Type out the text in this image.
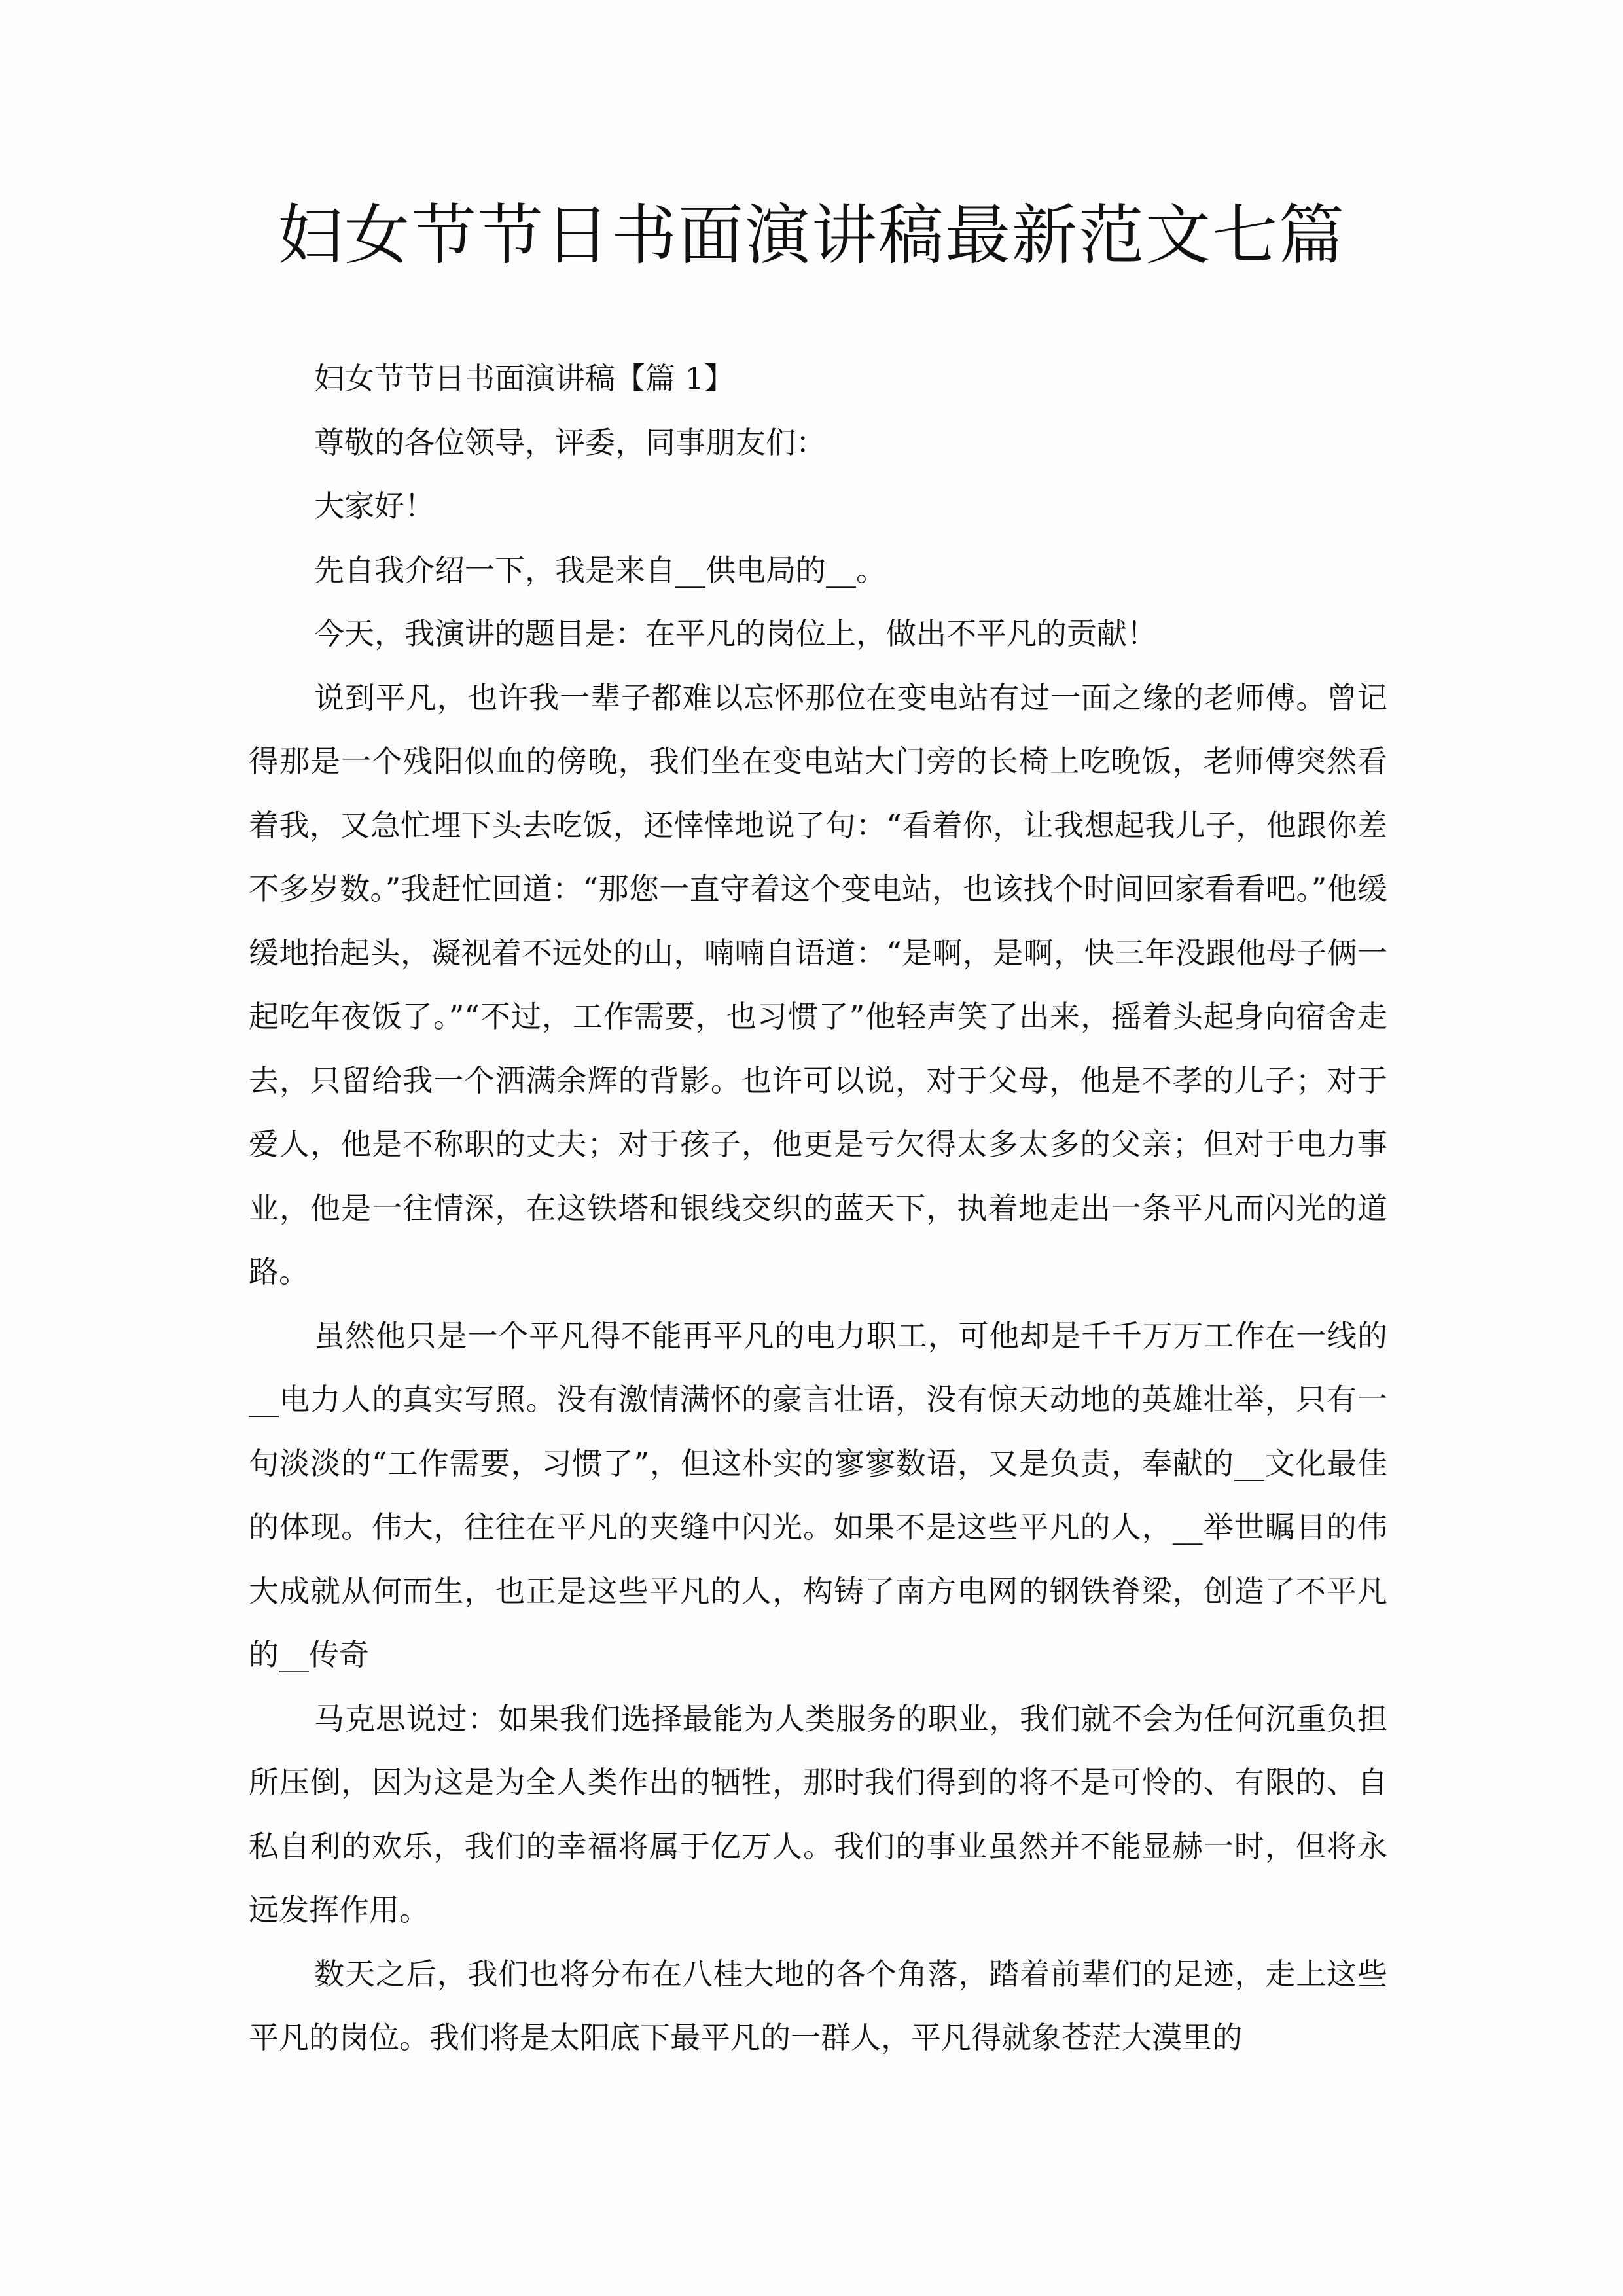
妇女节节日书面演讲稿最新范文七篇

妇女节节日书面演讲稿【篇 1】

尊敬的各位领导，评委，同事朋友们：

大家好！

先自我介绍一下，我是来自__供电局的__。

今天，我演讲的题目是：在平凡的岗位上，做出不平凡的贡献！

说到平凡，也许我一辈子都难以忘怀那位在变电站有过一面之缘的老师傅。曾记得那是一个残阳似血的傍晚，我们坐在变电站大门旁的长椅上吃晚饭，老师傅突然看着我，又急忙埋下头去吃饭，还悻悻地说了句：“看着你，让我想起我儿子，他跟你差不多岁数。”我赶忙回道：“那您一直守着这个变电站，也该找个时间回家看看吧。”他缓缓地抬起头，凝视着不远处的山，喃喃自语道：“是啊，是啊，快三年没跟他母子俩一起吃年夜饭了。”“不过，工作需要，也习惯了”他轻声笑了出来，摇着头起身向宿舍走去，只留给我一个洒满余辉的背影。也许可以说，对于父母，他是不孝的儿子；对于爱人，他是不称职的丈夫；对于孩子，他更是亏欠得太多太多的父亲；但对于电力事业，他是一往情深，在这铁塔和银线交织的蓝天下，执着地走出一条平凡而闪光的道路。

虽然他只是一个平凡得不能再平凡的电力职工，可他却是千千万万工作在一线的__电力人的真实写照。没有激情满怀的豪言壮语，没有惊天动地的英雄壮举，只有一句淡淡的“工作需要，习惯了”，但这朴实的寥寥数语，又是负责，奉献的__文化最佳的体现。伟大，往往在平凡的夹缝中闪光。如果不是这些平凡的人，__举世瞩目的伟大成就从何而生，也正是这些平凡的人，构铸了南方电网的钢铁脊梁，创造了不平凡的__传奇

马克思说过：如果我们选择最能为人类服务的职业，我们就不会为任何沉重负担所压倒，因为这是为全人类作出的牺牲，那时我们得到的将不是可怜的、有限的、自私自利的欢乐，我们的幸福将属于亿万人。我们的事业虽然并不能显赫一时，但将永远发挥作用。

数天之后，我们也将分布在八桂大地的各个角落，踏着前辈们的足迹，走上这些平凡的岗位。我们将是太阳底下最平凡的一群人，平凡得就象苍茫大漠里的
